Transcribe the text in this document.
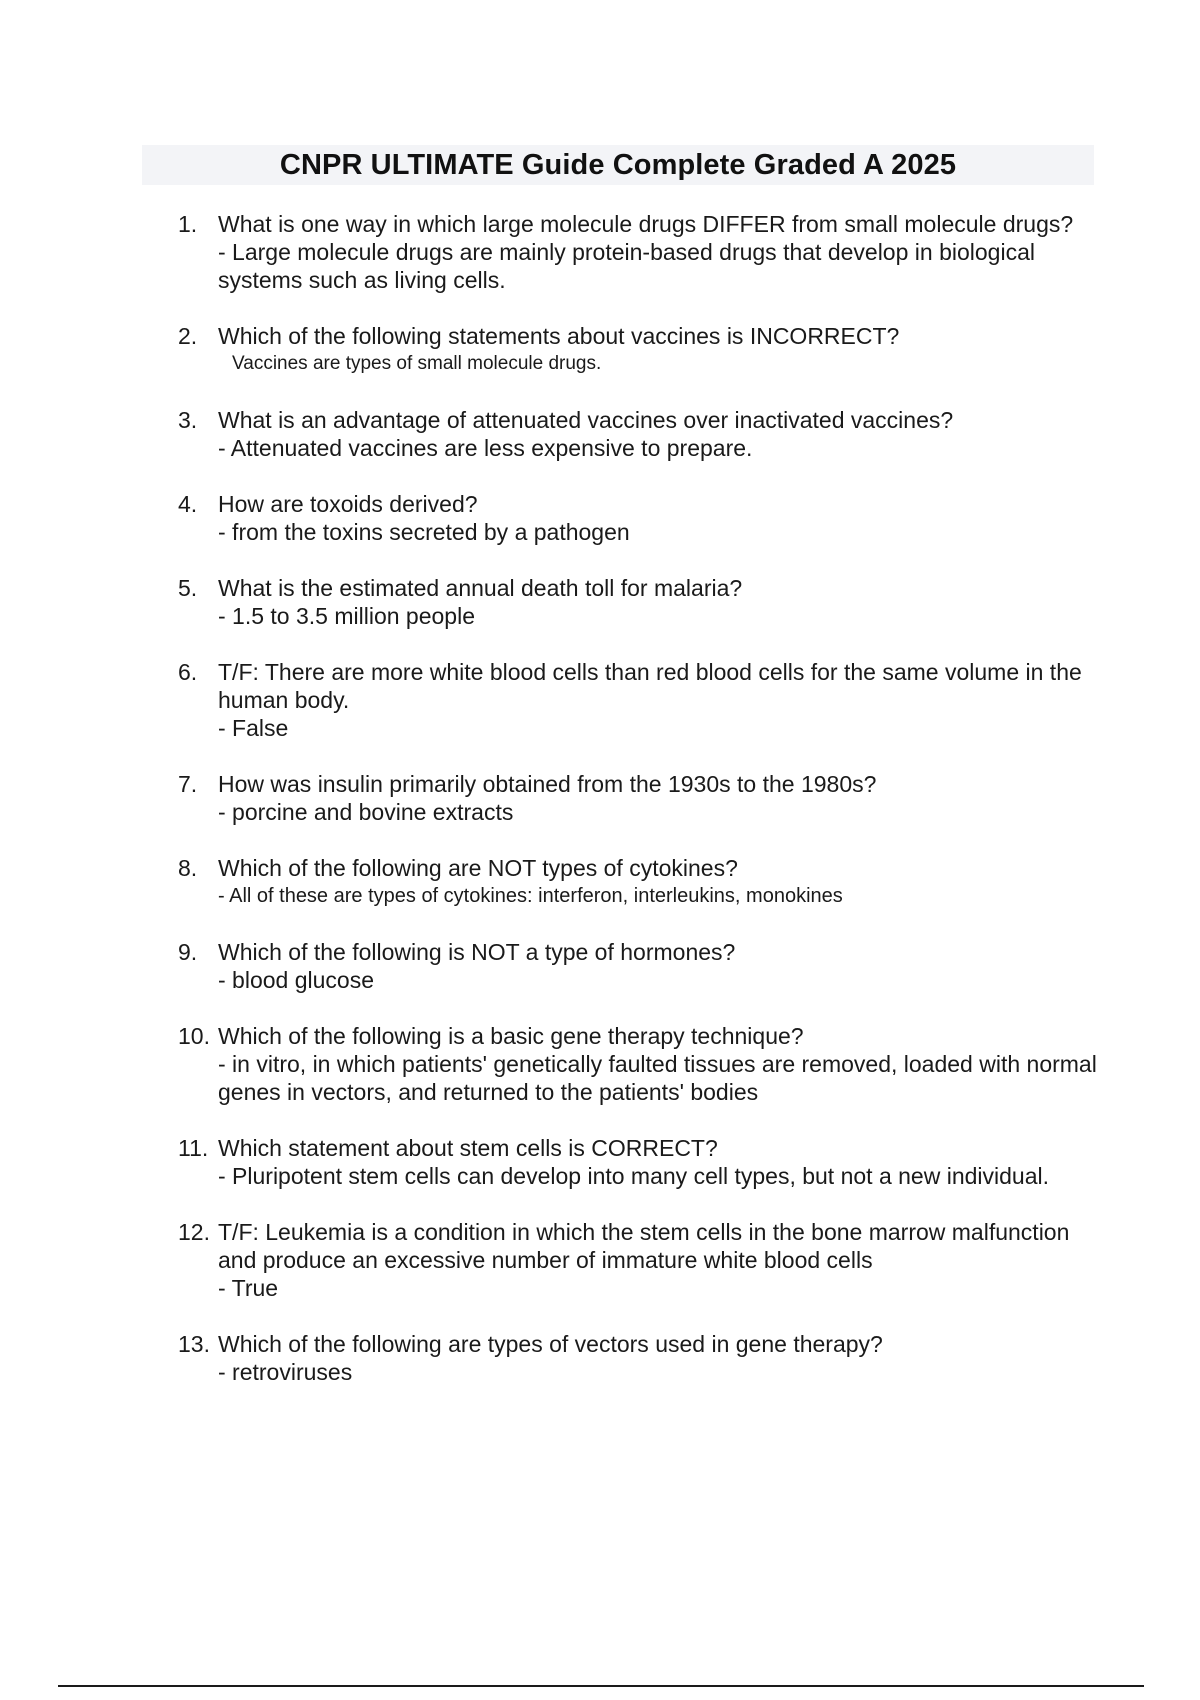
CNPR ULTIMATE Guide Complete Graded A 2025
1. What is one way in which large molecule drugs DIFFER from small molecule drugs?
- Large molecule drugs are mainly protein-based drugs that develop in biological systems such as living cells.
2. Which of the following statements about vaccines is INCORRECT?
Vaccines are types of small molecule drugs.
3. What is an advantage of attenuated vaccines over inactivated vaccines?
- Attenuated vaccines are less expensive to prepare.
4. How are toxoids derived?
- from the toxins secreted by a pathogen
5. What is the estimated annual death toll for malaria?
- 1.5 to 3.5 million people
6. T/F: There are more white blood cells than red blood cells for the same volume in the human body.
- False
7. How was insulin primarily obtained from the 1930s to the 1980s?
- porcine and bovine extracts
8. Which of the following are NOT types of cytokines?
- All of these are types of cytokines: interferon, interleukins, monokines
9. Which of the following is NOT a type of hormones?
- blood glucose
10. Which of the following is a basic gene therapy technique?
- in vitro, in which patients' genetically faulted tissues are removed, loaded with normal genes in vectors, and returned to the patients' bodies
11. Which statement about stem cells is CORRECT?
- Pluripotent stem cells can develop into many cell types, but not a new individual.
12. T/F: Leukemia is a condition in which the stem cells in the bone marrow malfunction and produce an excessive number of immature white blood cells
- True
13. Which of the following are types of vectors used in gene therapy?
- retroviruses
